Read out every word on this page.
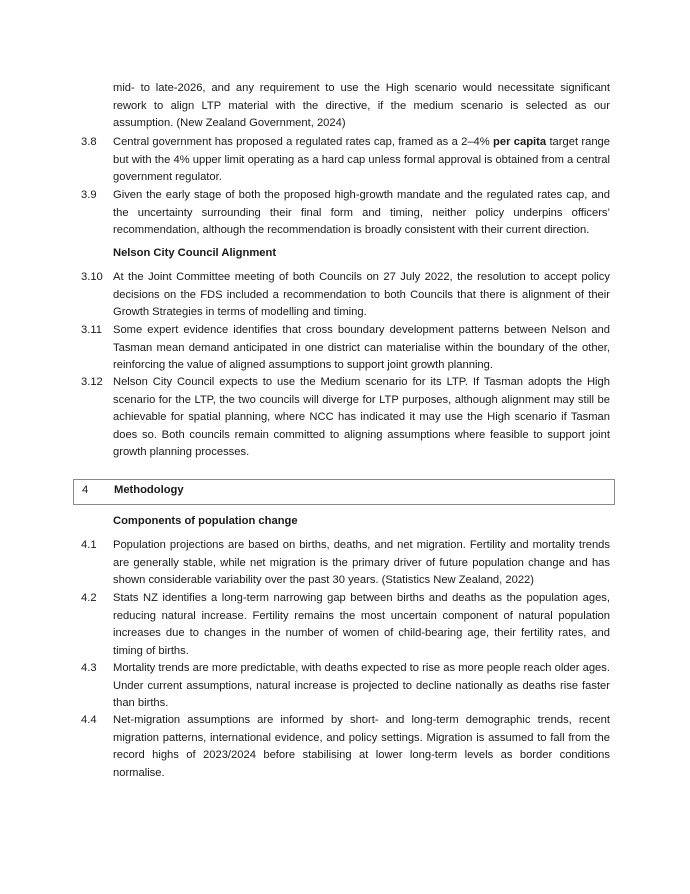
mid- to late-2026, and any requirement to use the High scenario would necessitate significant rework to align LTP material with the directive, if the medium scenario is selected as our assumption. (New Zealand Government, 2024)
3.8	Central government has proposed a regulated rates cap, framed as a 2–4% per capita target range but with the 4% upper limit operating as a hard cap unless formal approval is obtained from a central government regulator.
3.9	Given the early stage of both the proposed high-growth mandate and the regulated rates cap, and the uncertainty surrounding their final form and timing, neither policy underpins officers’ recommendation, although the recommendation is broadly consistent with their current direction.
Nelson City Council Alignment
3.10 At the Joint Committee meeting of both Councils on 27 July 2022, the resolution to accept policy decisions on the FDS included a recommendation to both Councils that there is alignment of their Growth Strategies in terms of modelling and timing.
3.11 Some expert evidence identifies that cross boundary development patterns between Nelson and Tasman mean demand anticipated in one district can materialise within the boundary of the other, reinforcing the value of aligned assumptions to support joint growth planning.
3.12 Nelson City Council expects to use the Medium scenario for its LTP. If Tasman adopts the High scenario for the LTP, the two councils will diverge for LTP purposes, although alignment may still be achievable for spatial planning, where NCC has indicated it may use the High scenario if Tasman does so. Both councils remain committed to aligning assumptions where feasible to support joint growth planning processes.
4 Methodology
Components of population change
4.1	Population projections are based on births, deaths, and net migration. Fertility and mortality trends are generally stable, while net migration is the primary driver of future population change and has shown considerable variability over the past 30 years. (Statistics New Zealand, 2022)
4.2	Stats NZ identifies a long-term narrowing gap between births and deaths as the population ages, reducing natural increase. Fertility remains the most uncertain component of natural population increases due to changes in the number of women of child-bearing age, their fertility rates, and timing of births.
4.3	Mortality trends are more predictable, with deaths expected to rise as more people reach older ages. Under current assumptions, natural increase is projected to decline nationally as deaths rise faster than births.
4.4	Net-migration assumptions are informed by short- and long-term demographic trends, recent migration patterns, international evidence, and policy settings. Migration is assumed to fall from the record highs of 2023/2024 before stabilising at lower long-term levels as border conditions normalise.
